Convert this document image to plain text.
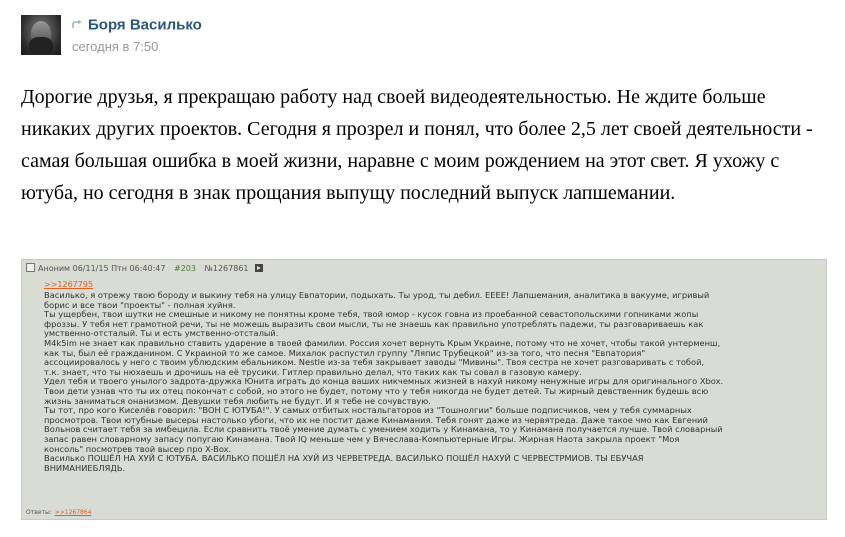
Боря Василько
сегодня в 7:50

Дорогие друзья, я прекращаю работу над своей видеодеятельностью. Не ждите больше никаких других проектов. Сегодня я прозрел и понял, что более 2,5 лет своей деятельности - самая большая ошибка в моей жизни, наравне с моим рождением на этот свет. Я ухожу с ютуба, но сегодня в знак прощания выпущу последний выпуск лапшемании.

Аноним 06/11/15 Птн 06:40:47 #203 №1267861
>>1267795

Василько, я отрежу твою бороду и выкину тебя на улицу Евпатории, подыхать. Ты урод, ты дебил. ЕЕЕЕ! Лапшемания, аналитика в вакууме, игривый

борис и все твои "проекты" - полная хуйня.

Ты ущербен, твои шутки не смешные и никому не понятны кроме тебя, твой юмор - кусок говна из проебанной севастопольскими гопниками жопы

фроззы. У тебя нет грамотной речи, ты не можешь выразить свои мысли, ты не знаешь как правильно употреблять падежи, ты разговариваешь как

умственно-отсталый. Ты и есть умственно-отсталый.

M4k5im не знает как правильно ставить ударение в твоей фамилии. Россия хочет вернуть Крым Украине, потому что не хочет, чтобы такой унтерменш,

как ты, был её гражданином. С Украиной то же самое. Михалок распустил группу "Ляпис Трубецкой" из-за того, что песня "Евпатория"

ассоциировалось у него с твоим ублюдским ебальником. Nestle из-за тебя закрывает заводы "Мивины". Твоя сестра не хочет разговаривать с тобой,

т.к. знает, что ты нюхаешь и дрочишь на её трусики. Гитлер правильно делал, что таких как ты совал в газовую камеру.

Удел тебя и твоего унылого задрота-дружка Юнита играть до конца ваших никчемных жизней в нахуй никому ненужные игры для оригинального Xbox.

Твои дети узнав что ты их отец покончат с собой, но этого не будет, потому что у тебя никогда не будет детей. Ты жирный девственник будешь всю

жизнь заниматься онанизмом. Девушки тебя любить не будут. И я тебе не сочувствую.

Ты тот, про кого Киселёв говорил: "ВОН С ЮТУБА!". У самых отбитых ностальгаторов из "Тошнолгии" больше подписчиков, чем у тебя суммарных

просмотров. Твои ютубные высеры настолько убоги, что их не постит даже Кинамания. Тебя гонят даже из червятреда. Даже такое чмо как Евгений

Вольнов считает тебя за имбецила. Если сравнить твоё умение думать с умением ходить у Кинамана, то у Кинамана получается лучше. Твой словарный

запас равен словарному запасу попугаю Кинамана. Твой IQ меньше чем у Вячеслава-Компьютерные Игры. Жирная Наота закрыла проект "Моя

консоль" посмотрев твой высер про X-Box.

Василько ПОШЁЛ НА ХУЙ С ЮТУБА. ВАСИЛЬКО ПОШЁЛ НА ХУЙ ИЗ ЧЕРВЕТРЕДА. ВАСИЛЬКО ПОШЁЛ НАХУЙ С ЧЕРВЕСТРМИОВ. ТЫ ЕБУЧАЯ

ВНИМАНИЕБЛЯДЬ.

Ответы: >>1267864
